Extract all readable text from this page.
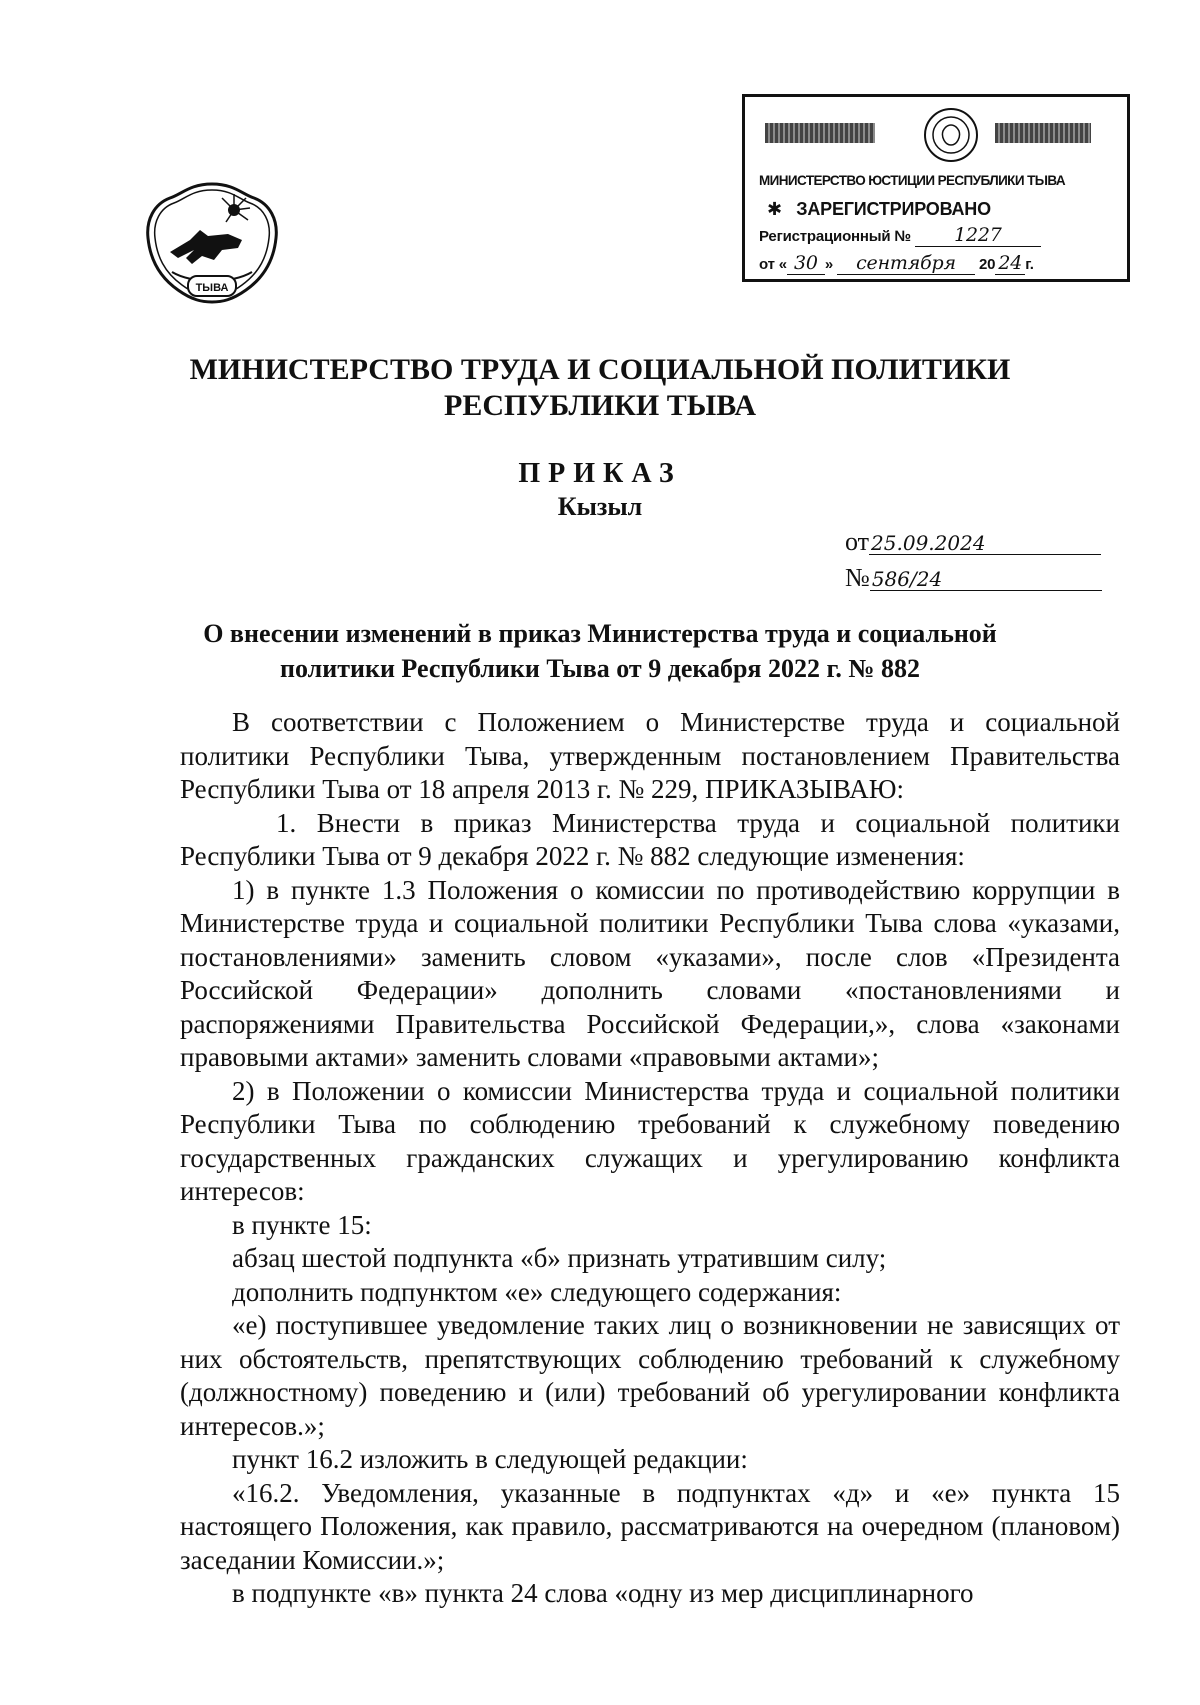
ТЫВА
МИНИСТЕРСТВО ЮСТИЦИИ РЕСПУБЛИКИ ТЫВА
✱   ЗАРЕГИСТРИРОВАНО
Регистрационный № 1227
от « 30 » сентября 20 24 г.
МИНИСТЕРСТВО ТРУДА И СОЦИАЛЬНОЙ ПОЛИТИКИ
РЕСПУБЛИКИ ТЫВА
ПРИКАЗ
Кызыл
от 25.09.2024
№ 586/24
О внесении изменений в приказ Министерства труда и социальной
политики Республики Тыва от 9 декабря 2022 г. № 882

В соответствии с Положением о Министерстве труда и социальной политики Республики Тыва, утвержденным постановлением Правительства Республики Тыва от 18 апреля 2013 г. № 229, ПРИКАЗЫВАЮ:

1. Внести в приказ Министерства труда и социальной политики Республики Тыва от 9 декабря 2022 г. № 882 следующие изменения:

1) в пункте 1.3 Положения о комиссии по противодействию коррупции в Министерстве труда и социальной политики Республики Тыва слова «указами, постановлениями» заменить словом «указами», после слов «Президента Российской Федерации» дополнить словами «постановлениями и распоряжениями Правительства Российской Федерации,», слова «законами правовыми актами» заменить словами «правовыми актами»;

2) в Положении о комиссии Министерства труда и социальной политики Республики Тыва по соблюдению требований к служебному поведению государственных гражданских служащих и урегулированию конфликта интересов:

в пункте 15:

абзац шестой подпункта «б» признать утратившим силу;

дополнить подпунктом «е» следующего содержания:

«е) поступившее уведомление таких лиц о возникновении не зависящих от них обстоятельств, препятствующих соблюдению требований к служебному (должностному) поведению и (или) требований об урегулировании конфликта интересов.»;

пункт 16.2 изложить в следующей редакции:

«16.2. Уведомления, указанные в подпунктах «д» и «е» пункта 15 настоящего Положения, как правило, рассматриваются на очередном (плановом) заседании Комиссии.»;

в подпункте «в» пункта 24 слова «одну из мер дисциплинарного
